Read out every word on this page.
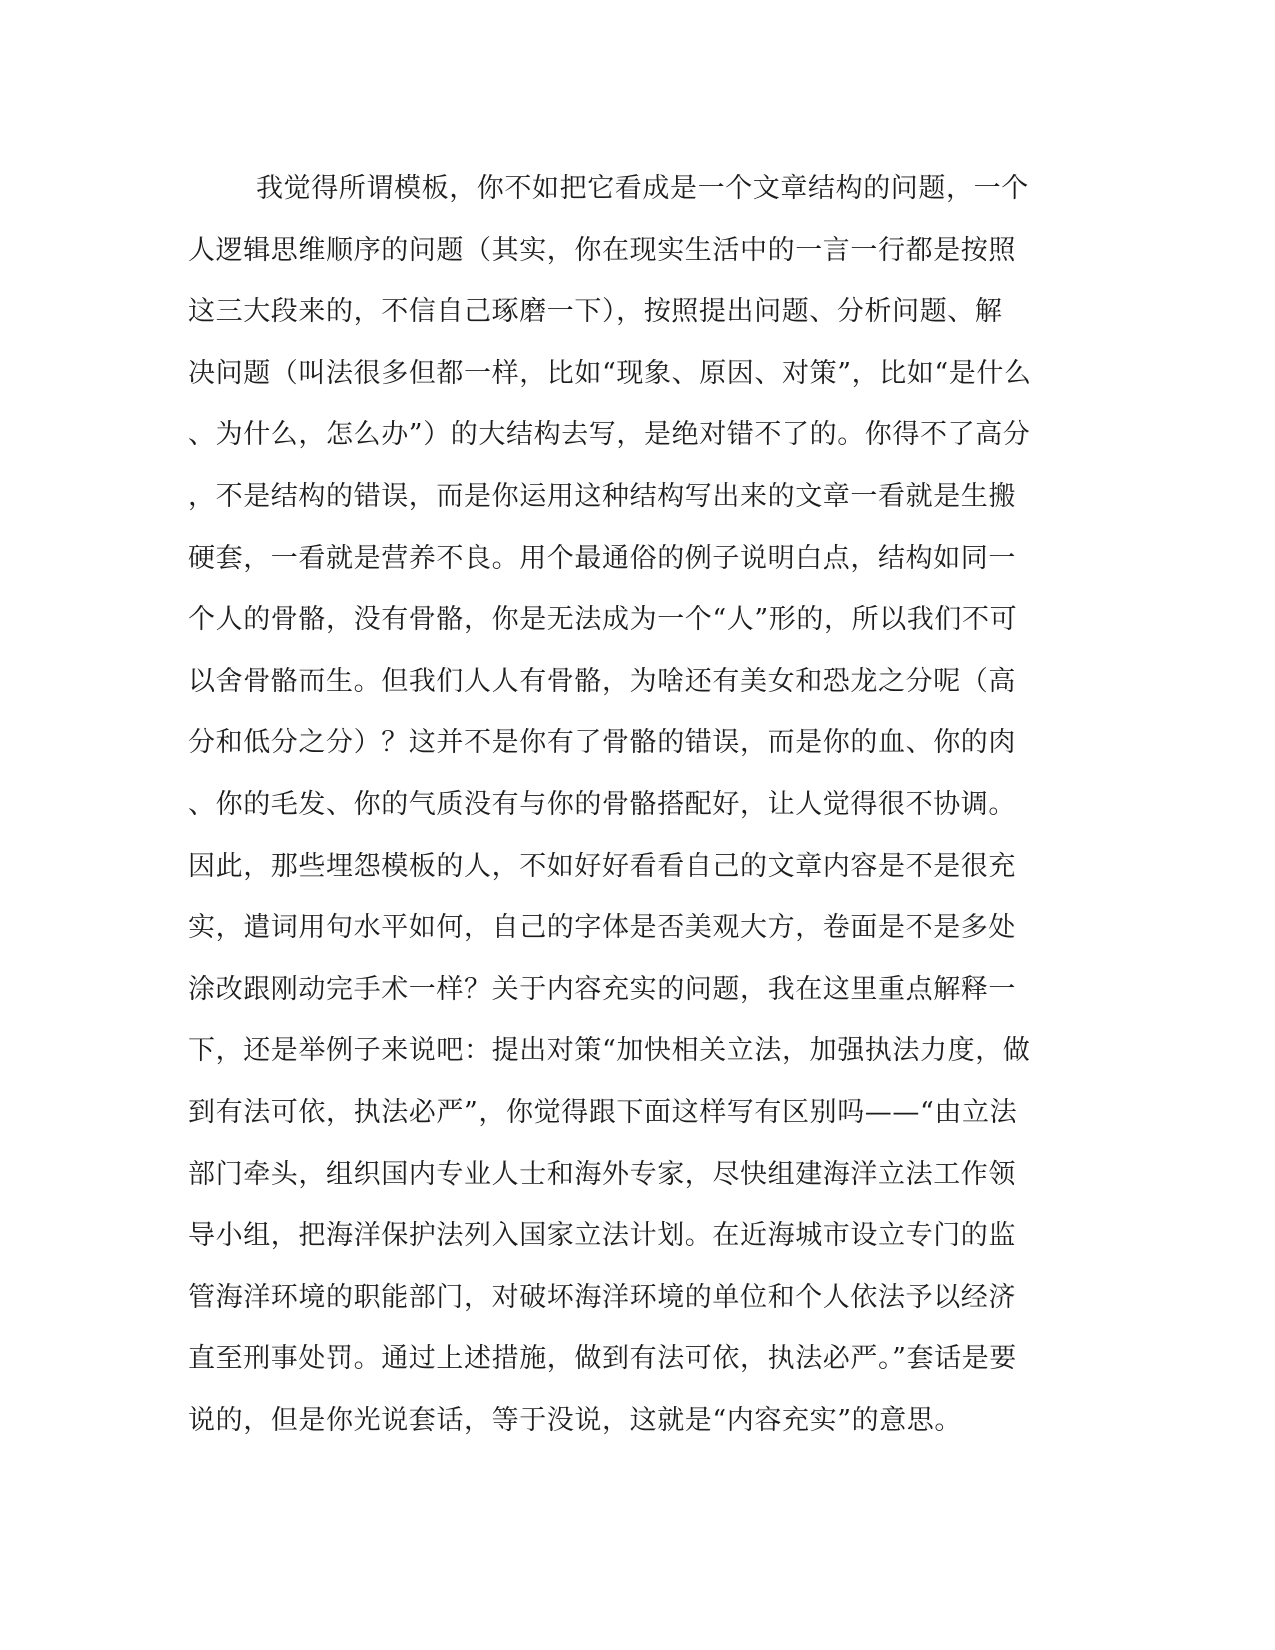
我觉得所谓模板，你不如把它看成是一个文章结构的问题，一个
人逻辑思维顺序的问题（其实，你在现实生活中的一言一行都是按照
这三大段来的，不信自己琢磨一下），按照提出问题、分析问题、解
决问题（叫法很多但都一样，比如“现象、原因、对策”，比如“是什么
、为什么，怎么办”）的大结构去写，是绝对错不了的。你得不了高分
，不是结构的错误，而是你运用这种结构写出来的文章一看就是生搬
硬套，一看就是营养不良。用个最通俗的例子说明白点，结构如同一
个人的骨骼，没有骨骼，你是无法成为一个“人”形的，所以我们不可
以舍骨骼而生。但我们人人有骨骼，为啥还有美女和恐龙之分呢（高
分和低分之分）？这并不是你有了骨骼的错误，而是你的血、你的肉
、你的毛发、你的气质没有与你的骨骼搭配好，让人觉得很不协调。
因此，那些埋怨模板的人，不如好好看看自己的文章内容是不是很充
实，遣词用句水平如何，自己的字体是否美观大方，卷面是不是多处
涂改跟刚动完手术一样？关于内容充实的问题，我在这里重点解释一
下，还是举例子来说吧：提出对策“加快相关立法，加强执法力度，做
到有法可依，执法必严”，你觉得跟下面这样写有区别吗——“由立法
部门牵头，组织国内专业人士和海外专家，尽快组建海洋立法工作领
导小组，把海洋保护法列入国家立法计划。在近海城市设立专门的监
管海洋环境的职能部门，对破坏海洋环境的单位和个人依法予以经济
直至刑事处罚。通过上述措施，做到有法可依，执法必严。”套话是要
说的，但是你光说套话，等于没说，这就是“内容充实”的意思。
